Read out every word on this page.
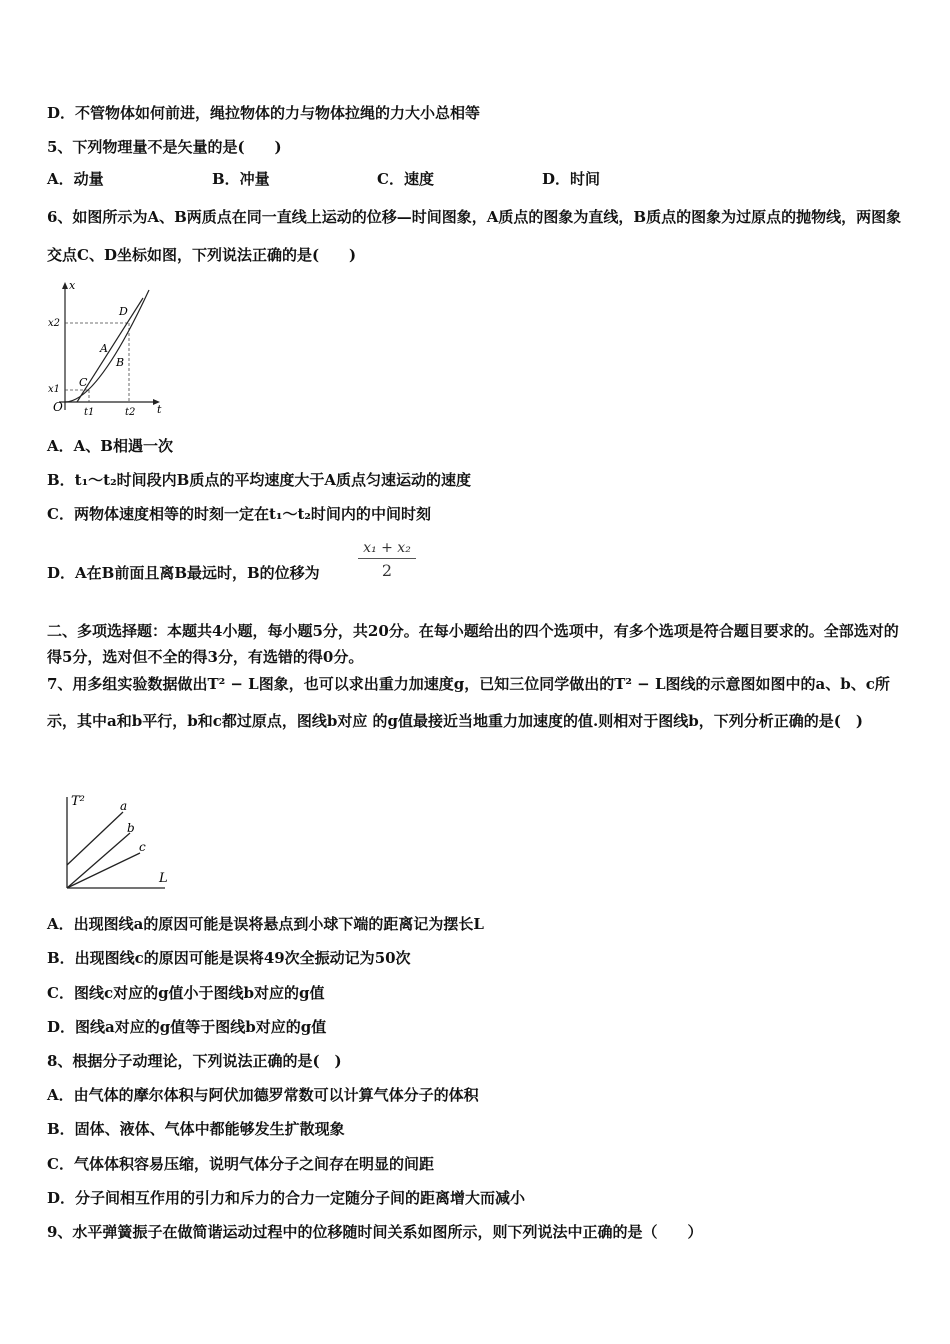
D．不管物体如何前进，绳拉物体的力与物体拉绳的力大小总相等
5、下列物理量不是矢量的是(　　)
A．动量	B．冲量	C．速度	D．时间
6、如图所示为A、B两质点在同一直线上运动的位移—时间图象，A质点的图象为直线，B质点的图象为过原点的抛物线，两图象交点C、D坐标如图，下列说法正确的是(　　)
x
t
O
x2
x1
t1	t2
C
D
A
B
A．A、B相遇一次
B．t₁～t₂时间段内B质点的平均速度大于A质点匀速运动的速度
C．两物体速度相等的时刻一定在t₁～t₂时间内的中间时刻
D．A在B前面且离B最远时，B的位移为	$\frac{\text{x₁ + x₂}}{2}$
二、多项选择题：本题共4小题，每小题5分，共20分。在每小题给出的四个选项中，有多个选项是符合题目要求的。全部选对的得5分，选对但不全的得3分，有选错的得0分。
7、用多组实验数据做出T² − L图象，也可以求出重力加速度g，已知三位同学做出的T² − L图线的示意图如图中的a、b、c所示，其中a和b平行，b和c都过原点，图线b对应 的g值最接近当地重力加速度的值.则相对于图线b，下列分析正确的是(　)
T²
L
a
b
c
A．出现图线a的原因可能是误将悬点到小球下端的距离记为摆长L
B．出现图线c的原因可能是误将49次全振动记为50次
C．图线c对应的g值小于图线b对应的g值
D．图线a对应的g值等于图线b对应的g值
8、根据分子动理论，下列说法正确的是(　)
A．由气体的摩尔体积与阿伏加德罗常数可以计算气体分子的体积
B．固体、液体、气体中都能够发生扩散现象
C．气体体积容易压缩，说明气体分子之间存在明显的间距
D．分子间相互作用的引力和斥力的合力一定随分子间的距离增大而减小
9、水平弹簧振子在做简谐运动过程中的位移随时间关系如图所示，则下列说法中正确的是（　　）
